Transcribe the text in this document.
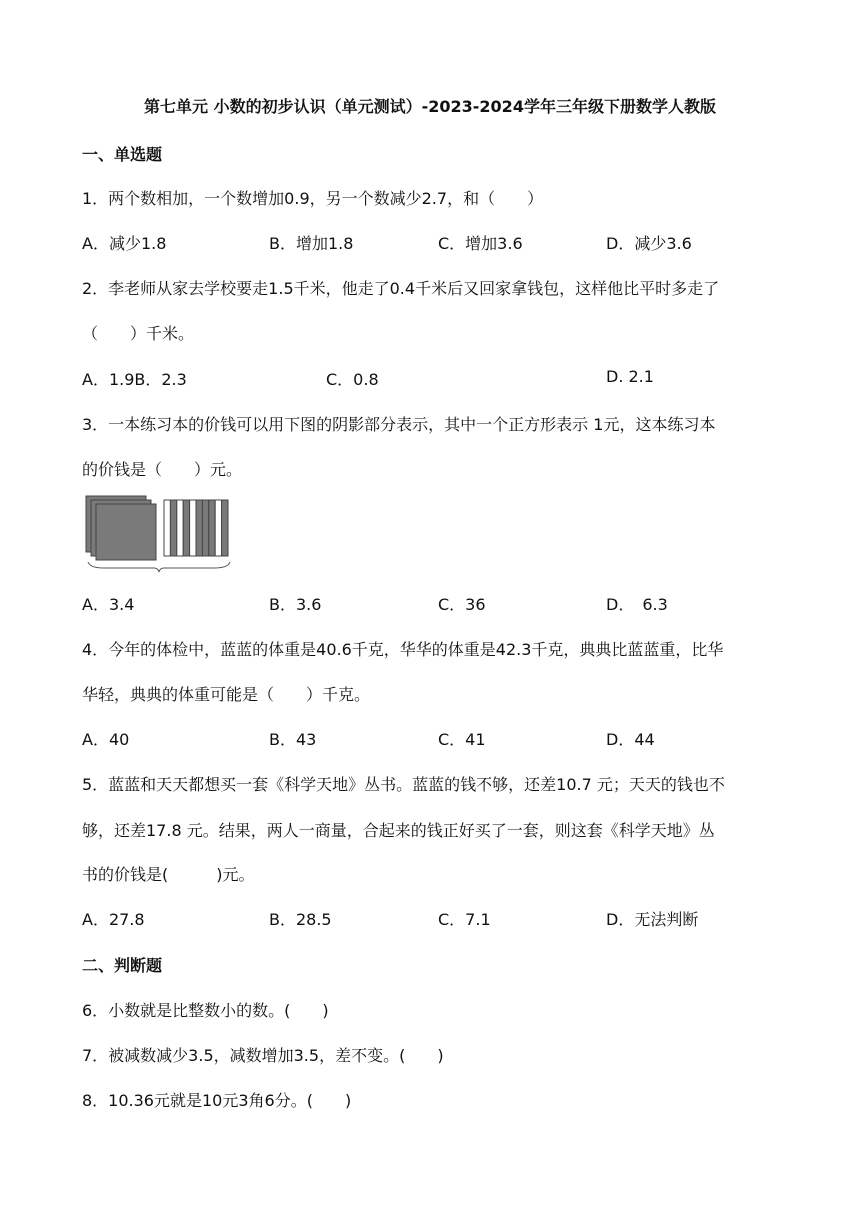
第七单元 小数的初步认识（单元测试）-2023-2024学年三年级下册数学人教版
一、单选题
1．两个数相加，一个数增加0.9，另一个数减少2.7，和（　　）
A．减少1.8	B．增加1.8	C．增加3.6	D．减少3.6
2．李老师从家去学校要走1.5千米，他走了0.4千米后又回家拿钱包，这样他比平时多走了
（　　）千米。
A．1.9B．2.3	C．0.8	D. 2.1
3．一本练习本的价钱可以用下图的阴影部分表示，其中一个正方形表示 1元，这本练习本
的价钱是（　　）元。
A．3.4	B．3.6	C．36	D．　6.3
4．今年的体检中，蓝蓝的体重是40.6千克，华华的体重是42.3千克，典典比蓝蓝重，比华
华轻，典典的体重可能是（　　）千克。
A．40	B．43	C．41	D．44
5．蓝蓝和天天都想买一套《科学天地》丛书。蓝蓝的钱不够，还差10.7 元；天天的钱也不
够，还差17.8 元。结果，两人一商量，合起来的钱正好买了一套，则这套《科学天地》丛
书的价钱是(　　　)元。
A．27.8	B．28.5	C．7.1	D．无法判断
二、判断题
6．小数就是比整数小的数。(　　)
7．被减数减少3.5，减数增加3.5，差不变。(　　)
8．10.36元就是10元3角6分。(　　)
